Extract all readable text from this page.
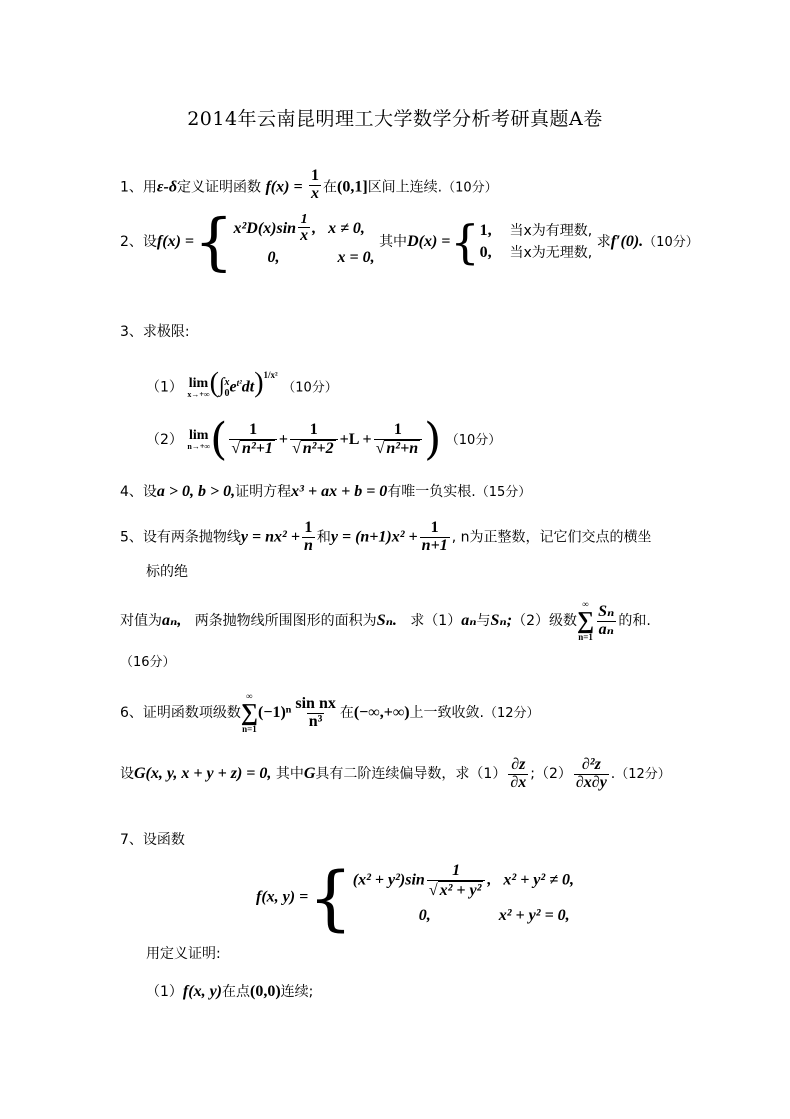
2014年云南昆明理工大学数学分析考研真题A卷
1、用ε-δ定义证明函数 $f(x) = \frac{1}{x}$ 在(0,1]区间上连续.（10分）
2、设f(x) ={ $x^2D(x)\sin \frac{1}{x}$ ,   x ≠ 0,
0,	x = 0,
其中D(x) ={ 1, 当x为有理数,
0, 当x为无理数,
求f′(0).（10分）
3、求极限:
（1） lim
x→+∞ (∫ x
0 $e^{t^2}dt)^{1/x^2}$ （10分）
（2） lim
n→+∞ ( $\frac{1}{\text{√ n²+1}} + \frac{1}{\text{√ n²+2}} +L + \frac{1}{\text{√ n²+n}}$ ) （10分）
4、设a > 0, b > 0,证明方程x³ + ax + b = 0有唯一负实根.（15分）
5、设有两条抛物线$y = nx^2 + \frac{1}{n}$ 和$y = (n+1)x^2 + \frac{1}{n+1}$ , n为正整数，记它们交点的横坐
标的绝
对值为aₙ, 两条抛物线所围图形的面积为Sₙ. 求（1）aₙ与Sₙ;（2）级数
∞
∑
$n=1 \frac{\text{Sₙ}}{\text{aₙ}}$ 的和.
（16分）
6、证明函数项级数
∞
∑
n=1
$(-1)^n \frac{\text{sin nx}}{\text{n³}}$ 在(−∞,+∞)上一致收敛.（12分）
设G(x, y, x + y + z) = 0, 其中G具有二阶连续偏导数，求$(1) \frac{\partial z}{\partial x}$ ;（2） $\frac{\text{∂²z}}{\partial x\partial y} .(12$分）
7、设函数
f(x, y) ={ $(x^2 + y^2)\sin \frac{1}{\text{√ x² + y²}}$ ,   x² + y² ≠ 0,
0,	x² + y² = 0,
用定义证明:
（1）f(x, y)在点(0,0)连续;
